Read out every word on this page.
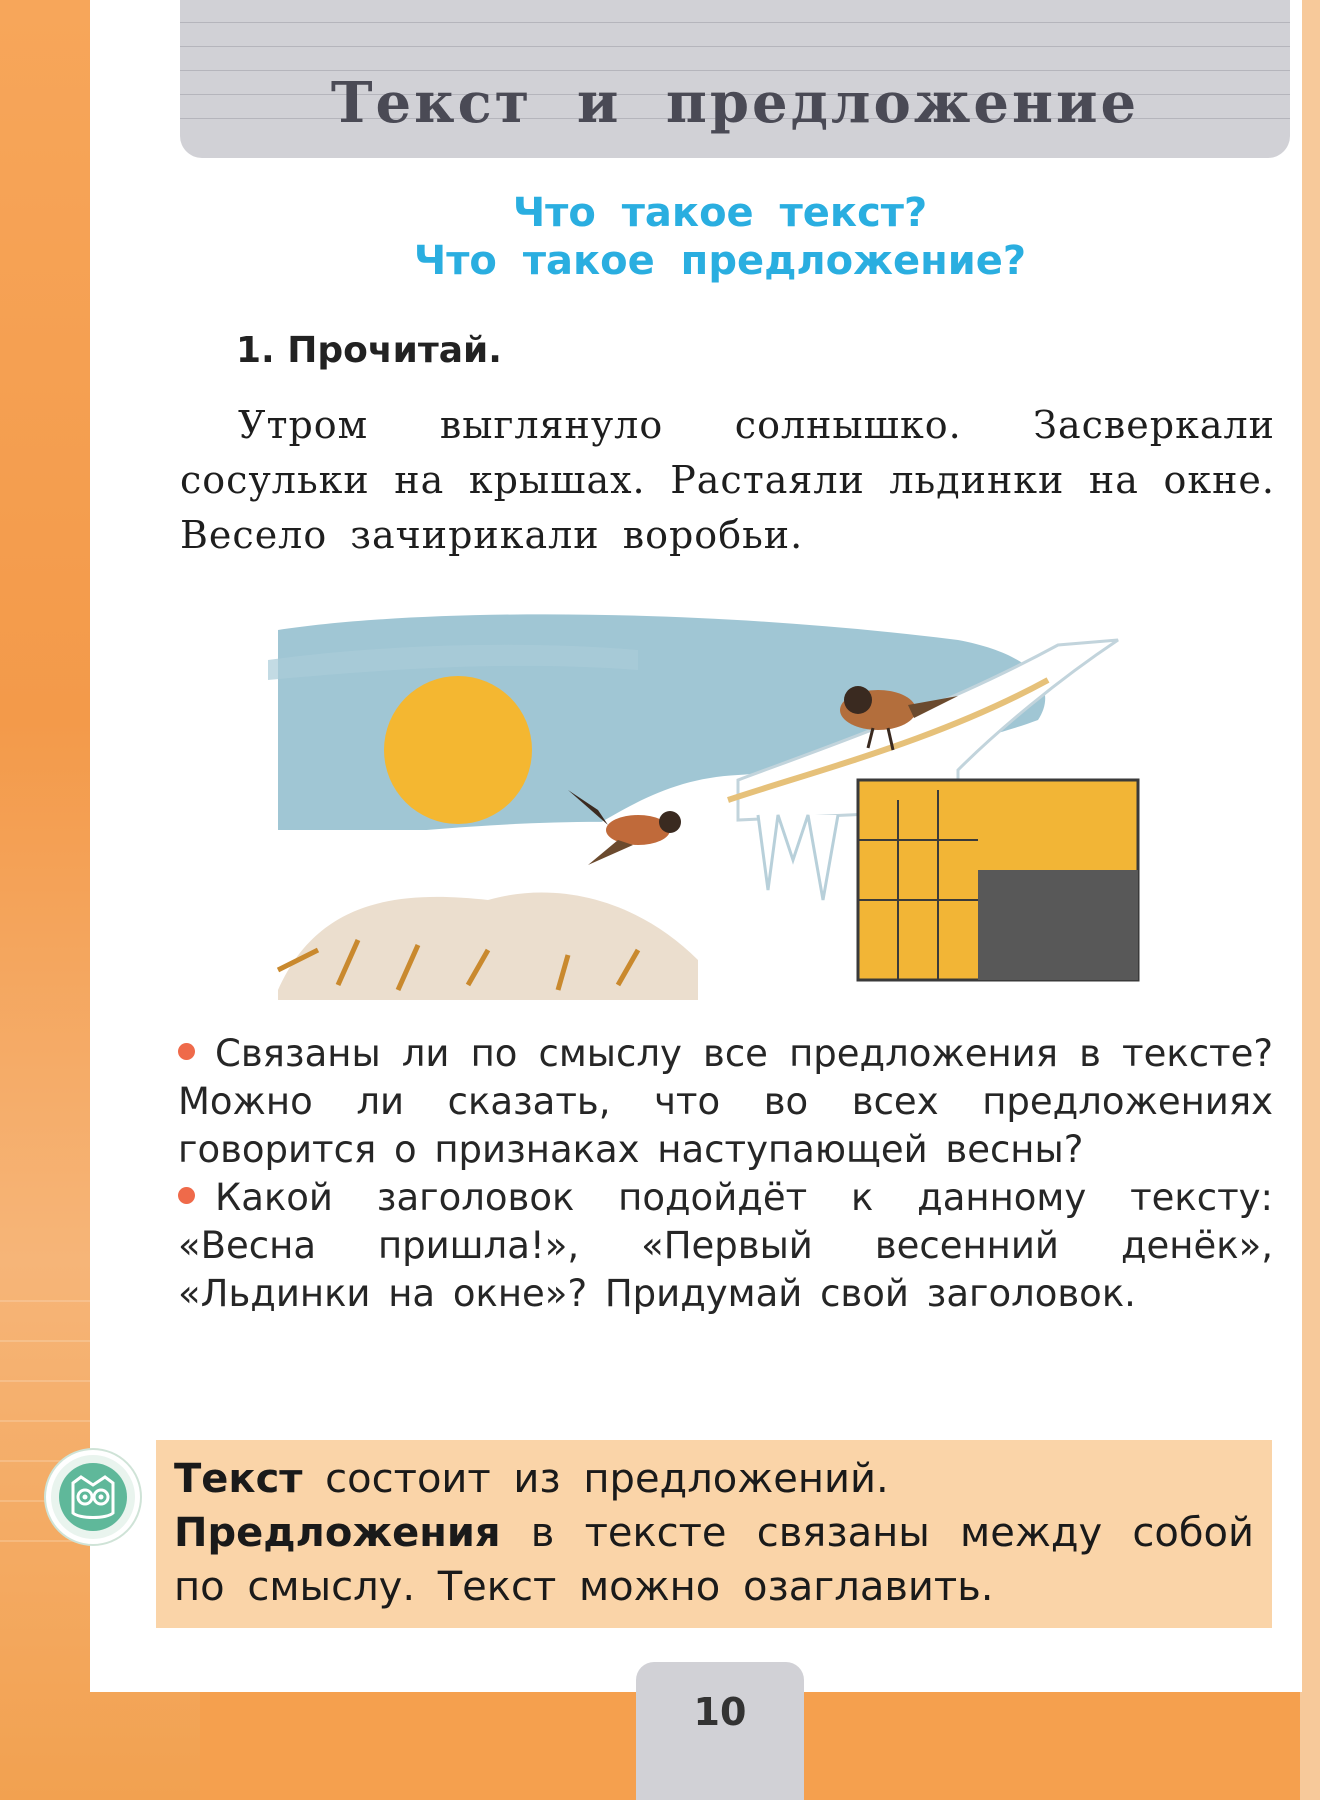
Текст и предложение
Что такое текст?
Что такое предложение?
1. Прочитай.
Утром выглянуло солнышко. Засверкали сосульки на крышах. Растаяли льдинки на окне. Весело зачирикали воробьи.

Связаны ли по смыслу все предложения в тексте? Можно ли сказать, что во всех предложениях говорится о признаках наступающей весны?

Какой заголовок подойдёт к данному тексту: «Весна пришла!», «Первый весенний денёк», «Льдинки на окне»? Придумай свой заголовок.

Текст состоит из предложений.
Предложения в тексте связаны между собой по смыслу. Текст можно озаглавить.
10
